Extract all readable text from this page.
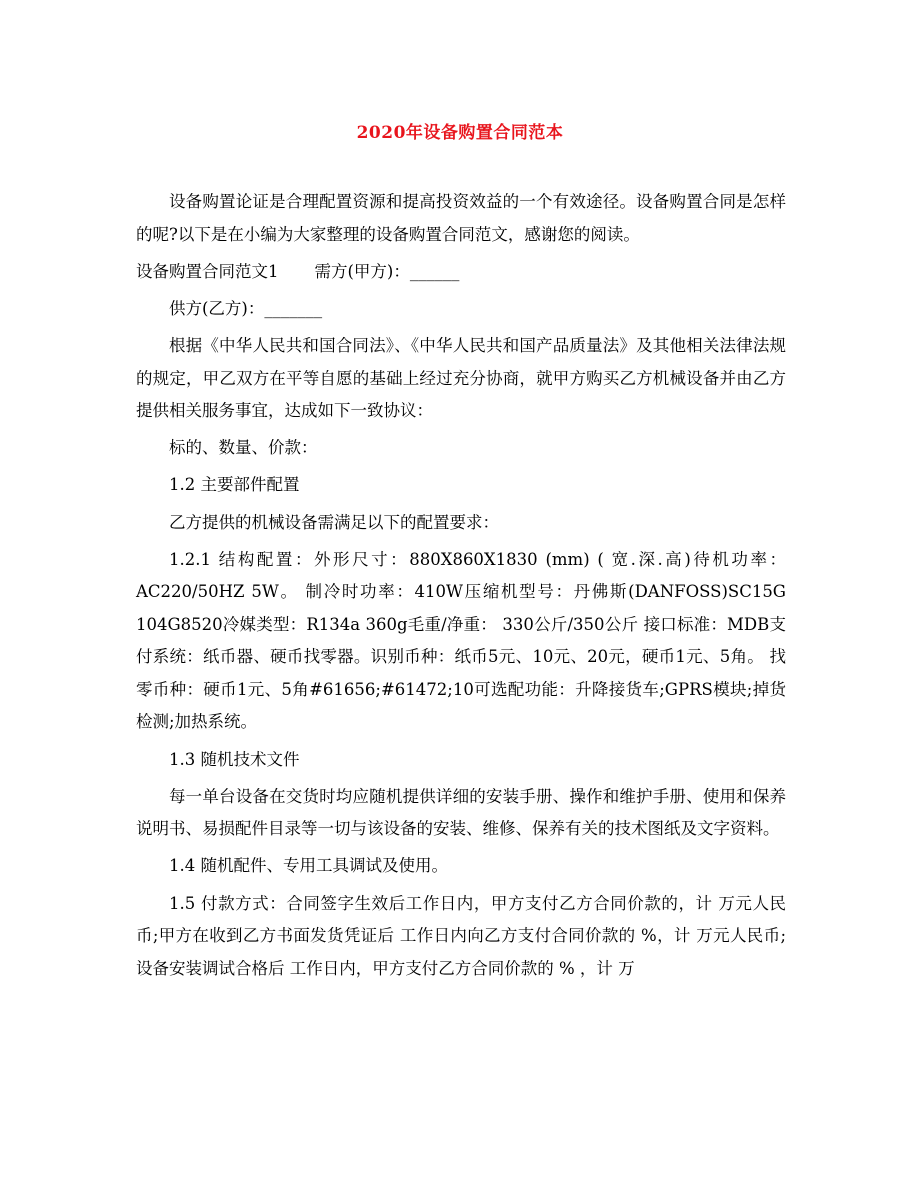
2020年设备购置合同范本

设备购置论证是合理配置资源和提高投资效益的一个有效途径。设备购置合同是怎样的呢?以下是在小编为大家整理的设备购置合同范文，感谢您的阅读。

设备购置合同范文1 需方(甲方)：______

供方(乙方)：_______

根据《中华人民共和国合同法》、《中华人民共和国产品质量法》及其他相关法律法规的规定，甲乙双方在平等自愿的基础上经过充分协商，就甲方购买乙方机械设备并由乙方提供相关服务事宜，达成如下一致协议：

标的、数量、价款：

1.2 主要部件配置

乙方提供的机械设备需满足以下的配置要求：

1.2.1 结构配置：外形尺寸：880X860X1830 (mm) ( 宽.深.高)待机功率：AC220/50HZ 5W。 制冷时功率：410W压缩机型号：丹佛斯(DANFOSS)SC15G 104G8520冷媒类型：R134a 360g毛重/净重： 330公斤/350公斤 接口标准：MDB支付系统：纸币器、硬币找零器。识别币种：纸币5元、10元、20元，硬币1元、5角。 找零币种：硬币1元、5角#61656;#61472;10可选配功能：升降接货车;GPRS模块;掉货检测;加热系统。

1.3 随机技术文件

每一单台设备在交货时均应随机提供详细的安装手册、操作和维护手册、使用和保养说明书、易损配件目录等一切与该设备的安装、维修、保养有关的技术图纸及文字资料。

1.4 随机配件、专用工具调试及使用。

1.5 付款方式：合同签字生效后工作日内，甲方支付乙方合同价款的，计 万元人民币;甲方在收到乙方书面发货凭证后 工作日内向乙方支付合同价款的 %，计 万元人民币;设备安装调试合格后 工作日内，甲方支付乙方合同价款的 % ，计 万
